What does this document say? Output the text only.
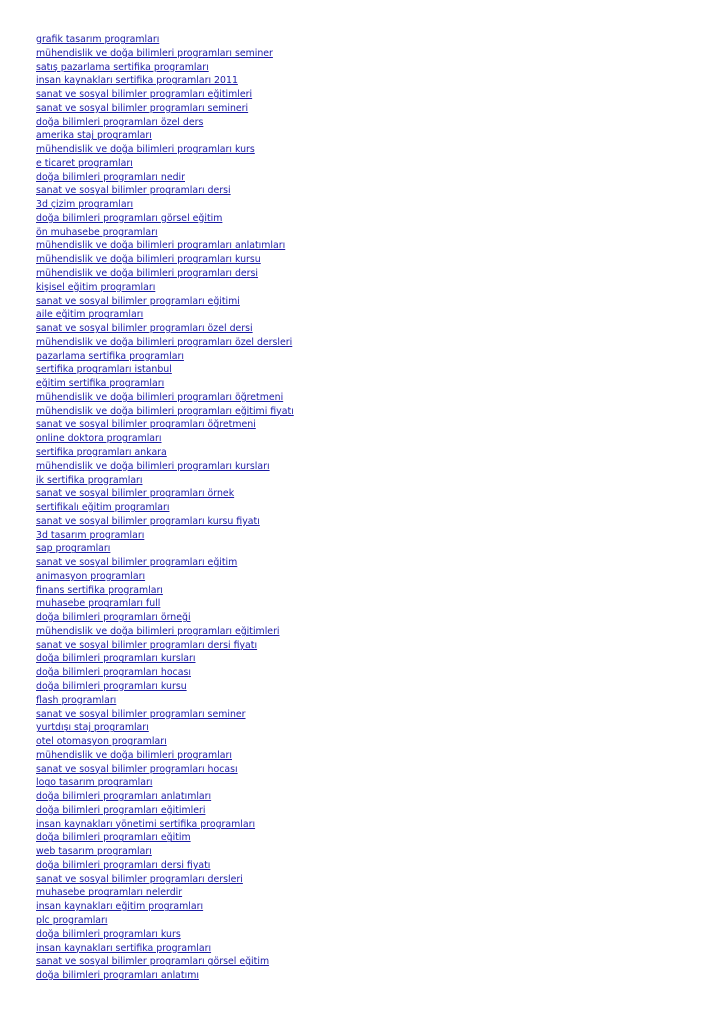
grafik tasarım programları
mühendislik ve doğa bilimleri programları seminer
satış pazarlama sertifika programları
insan kaynakları sertifika programları 2011
sanat ve sosyal bilimler programları eğitimleri
sanat ve sosyal bilimler programları semineri
doğa bilimleri programları özel ders
amerika staj programları
mühendislik ve doğa bilimleri programları kurs
e ticaret programları
doğa bilimleri programları nedir
sanat ve sosyal bilimler programları dersi
3d çizim programları
doğa bilimleri programları görsel eğitim
ön muhasebe programları
mühendislik ve doğa bilimleri programları anlatımları
mühendislik ve doğa bilimleri programları kursu
mühendislik ve doğa bilimleri programları dersi
kişisel eğitim programları
sanat ve sosyal bilimler programları eğitimi
aile eğitim programları
sanat ve sosyal bilimler programları özel dersi
mühendislik ve doğa bilimleri programları özel dersleri
pazarlama sertifika programları
sertifika programları istanbul
eğitim sertifika programları
mühendislik ve doğa bilimleri programları öğretmeni
mühendislik ve doğa bilimleri programları eğitimi fiyatı
sanat ve sosyal bilimler programları öğretmeni
online doktora programları
sertifika programları ankara
mühendislik ve doğa bilimleri programları kursları
ik sertifika programları
sanat ve sosyal bilimler programları örnek
sertifikalı eğitim programları
sanat ve sosyal bilimler programları kursu fiyatı
3d tasarım programları
sap programları
sanat ve sosyal bilimler programları eğitim
animasyon programları
finans sertifika programları
muhasebe programları full
doğa bilimleri programları örneği
mühendislik ve doğa bilimleri programları eğitimleri
sanat ve sosyal bilimler programları dersi fiyatı
doğa bilimleri programları kursları
doğa bilimleri programları hocası
doğa bilimleri programları kursu
flash programları
sanat ve sosyal bilimler programları seminer
yurtdışı staj programları
otel otomasyon programları
mühendislik ve doğa bilimleri programları
sanat ve sosyal bilimler programları hocası
logo tasarım programları
doğa bilimleri programları anlatımları
doğa bilimleri programları eğitimleri
insan kaynakları yönetimi sertifika programları
doğa bilimleri programları eğitim
web tasarım programları
doğa bilimleri programları dersi fiyatı
sanat ve sosyal bilimler programları dersleri
muhasebe programları nelerdir
insan kaynakları eğitim programları
plc programları
doğa bilimleri programları kurs
insan kaynakları sertifika programları
sanat ve sosyal bilimler programları görsel eğitim
doğa bilimleri programları anlatımı
